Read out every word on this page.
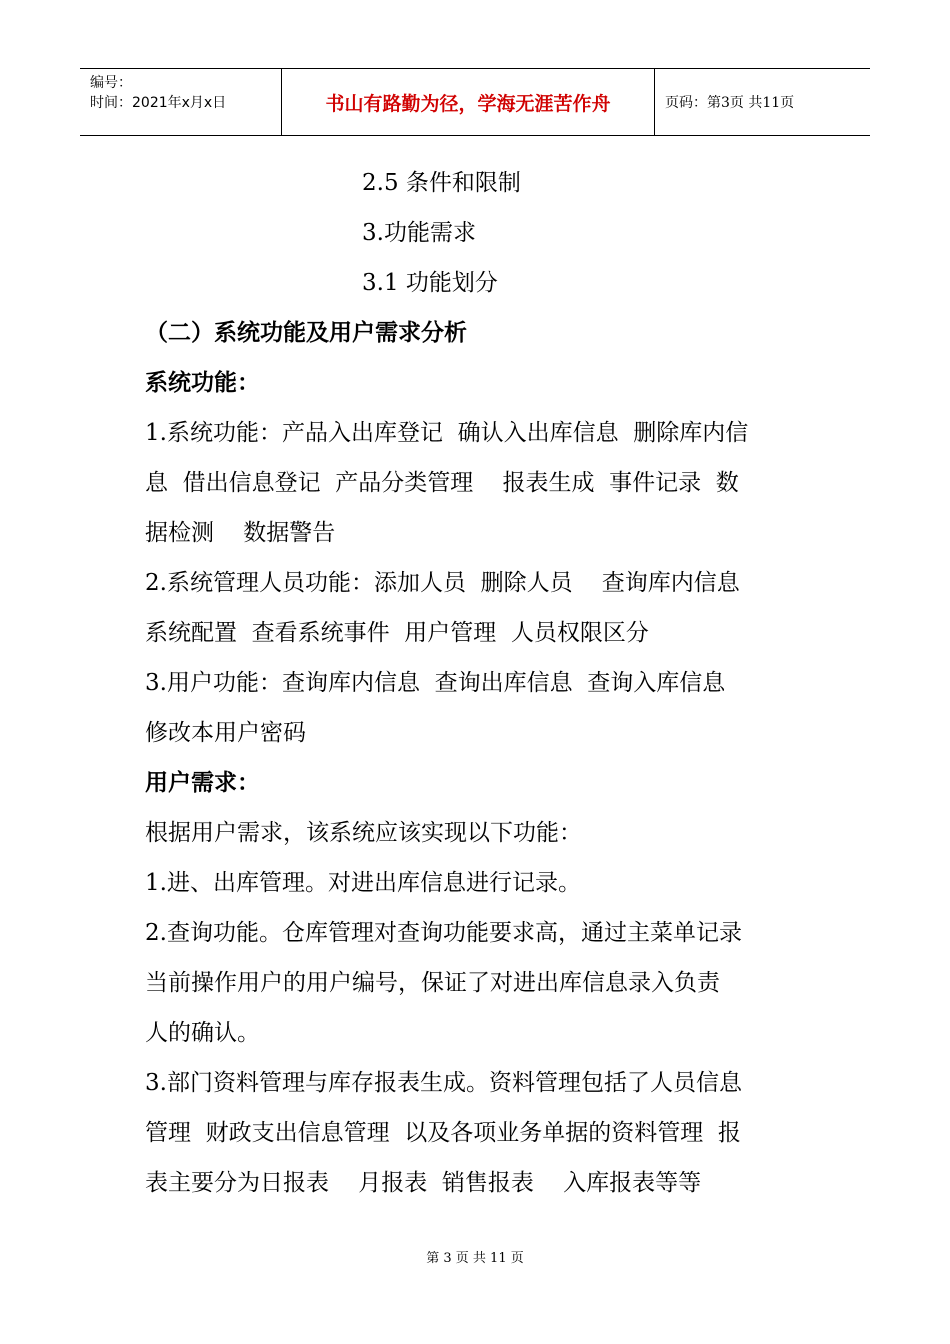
编号：
时间：2021年x月x日	书山有路勤为径，学海无涯苦作舟	页码：第3页 共11页
2.5 条件和限制
3.功能需求
3.1 功能划分
（二）系统功能及用户需求分析
系统功能：
1.系统功能：产品入出库登记  确认入出库信息  删除库内信
息  借出信息登记  产品分类管理    报表生成  事件记录  数
据检测    数据警告
2.系统管理人员功能：添加人员  删除人员    查询库内信息
系统配置  查看系统事件  用户管理  人员权限区分
3.用户功能：查询库内信息  查询出库信息  查询入库信息
修改本用户密码
用户需求：
根据用户需求，该系统应该实现以下功能：
1.进、出库管理。对进出库信息进行记录。
2.查询功能。仓库管理对查询功能要求高，通过主菜单记录
当前操作用户的用户编号，保证了对进出库信息录入负责
人的确认。
3.部门资料管理与库存报表生成。资料管理包括了人员信息
管理  财政支出信息管理  以及各项业务单据的资料管理  报
表主要分为日报表    月报表  销售报表    入库报表等等
第 3 页 共 11 页
